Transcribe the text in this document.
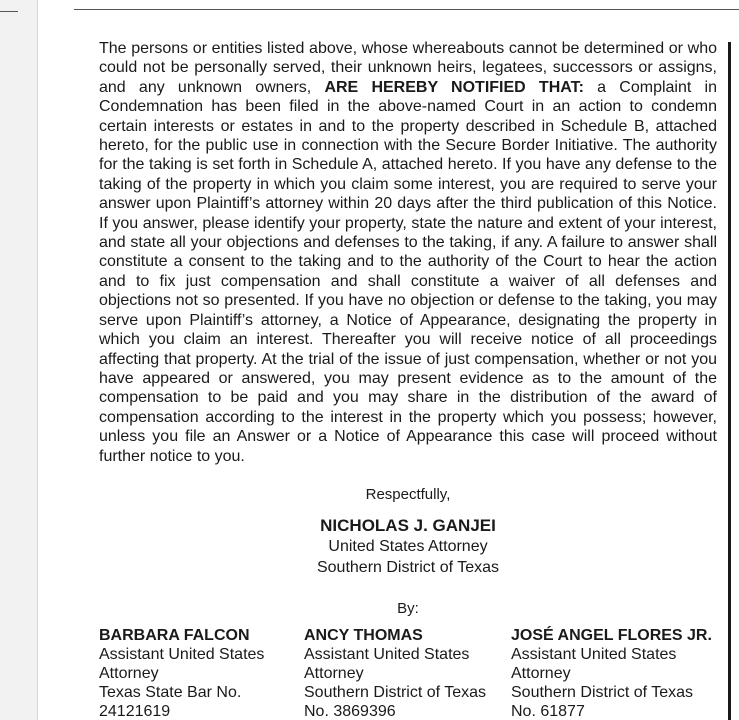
The persons or entities listed above, whose whereabouts cannot be determined or who could not be personally served, their unknown heirs, legatees, successors or assigns, and any unknown owners, ARE HEREBY NOTIFIED THAT: a Complaint in Condemnation has been filed in the above-named Court in an action to condemn certain interests or estates in and to the property described in Schedule B, attached hereto, for the public use in connection with the Secure Border Initiative. The authority for the taking is set forth in Schedule A, attached hereto. If you have any defense to the taking of the property in which you claim some interest, you are required to serve your answer upon Plaintiff’s attorney within 20 days after the third publication of this Notice. If you answer, please identify your property, state the nature and extent of your interest, and state all your objections and defenses to the taking, if any. A failure to answer shall constitute a consent to the taking and to the authority of the Court to hear the action and to fix just compensation and shall constitute a waiver of all defenses and objections not so presented. If you have no objection or defense to the taking, you may serve upon Plaintiff’s attorney, a Notice of Appearance, designating the property in which you claim an interest. Thereafter you will receive notice of all proceedings affecting that property. At the trial of the issue of just compensation, whether or not you have appeared or answered, you may present evidence as to the amount of the compensation to be paid and you may share in the distribution of the award of compensation according to the interest in the property which you possess; however, unless you file an Answer or a Notice of Appearance this case will proceed without further notice to you.

Respectfully,
NICHOLAS J. GANJEI
United States Attorney
Southern District of Texas
By:
BARBARA FALCON
Assistant United States
Attorney
Texas State Bar No.
24121619
ANCY THOMAS
Assistant United States
Attorney
Southern District of Texas
No. 3869396
JOSÉ ANGEL FLORES JR.
Assistant United States
Attorney
Southern District of Texas
No. 61877
